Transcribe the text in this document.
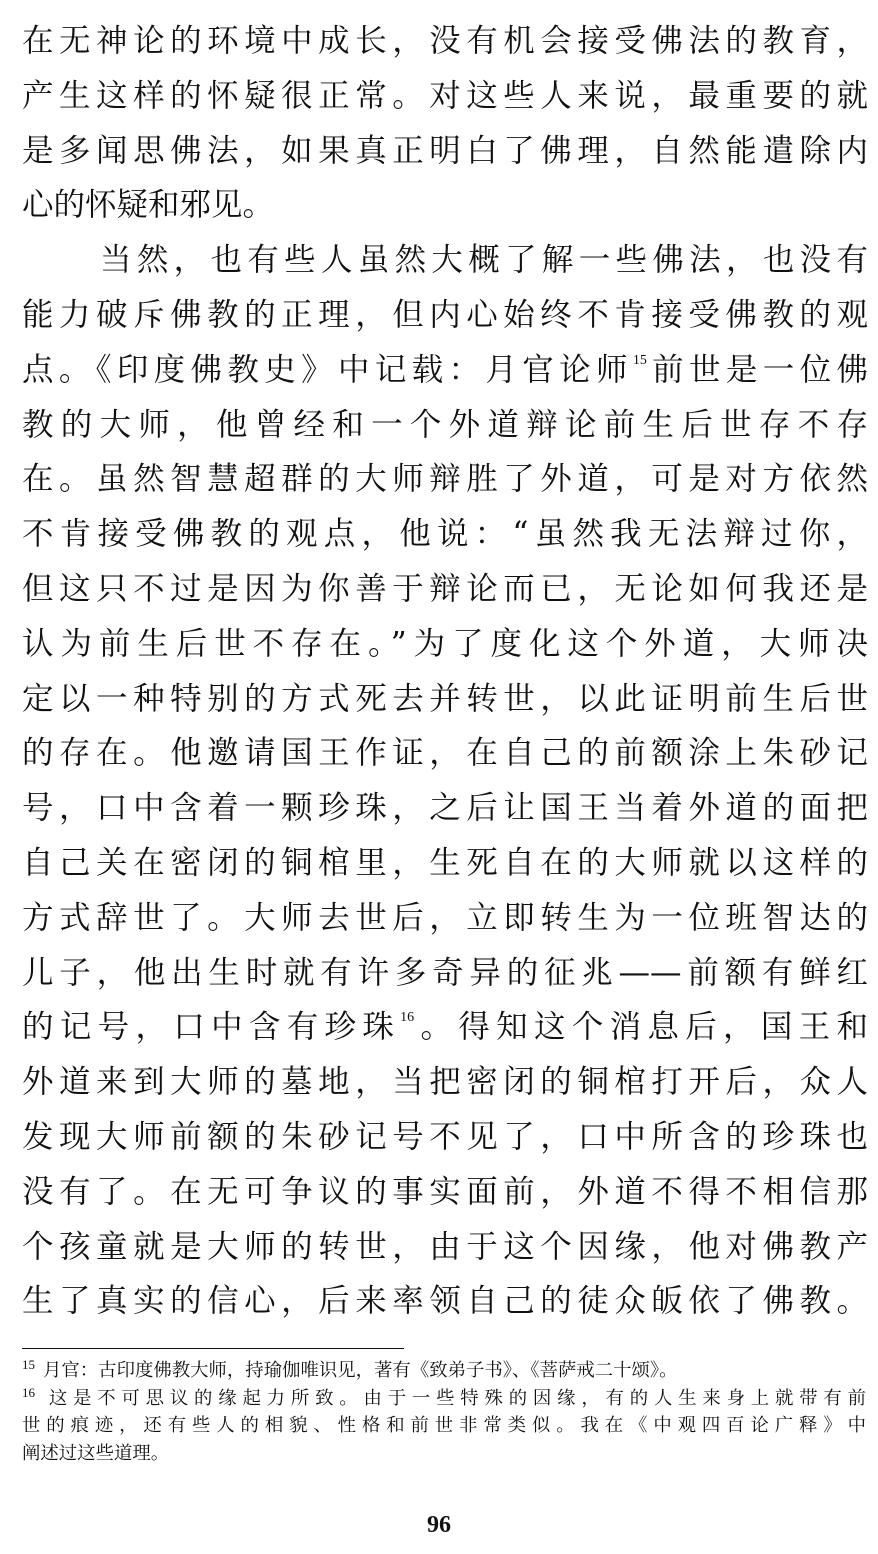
在无神论的环境中成长，没有机会接受佛法的教育，
产生这样的怀疑很正常。对这些人来说，最重要的就
是多闻思佛法，如果真正明白了佛理，自然能遣除内
心的怀疑和邪见。
当然，也有些人虽然大概了解一些佛法，也没有
能力破斥佛教的正理，但内心始终不肯接受佛教的观
点。《印度佛教史》中记载：月官论师$^{15}$前世是一位佛
教的大师，他曾经和一个外道辩论前生后世存不存
在。虽然智慧超群的大师辩胜了外道，可是对方依然
不肯接受佛教的观点，他说：“虽然我无法辩过你，
但这只不过是因为你善于辩论而已，无论如何我还是
认为前生后世不存在。”为了度化这个外道，大师决
定以一种特别的方式死去并转世，以此证明前生后世
的存在。他邀请国王作证，在自己的前额涂上朱砂记
号，口中含着一颗珍珠，之后让国王当着外道的面把
自己关在密闭的铜棺里，生死自在的大师就以这样的
方式辞世了。大师去世后，立即转生为一位班智达的
儿子，他出生时就有许多奇异的征兆——前额有鲜红
的记号，口中含有珍珠$^{16}$。得知这个消息后，国王和
外道来到大师的墓地，当把密闭的铜棺打开后，众人
发现大师前额的朱砂记号不见了，口中所含的珍珠也
没有了。在无可争议的事实面前，外道不得不相信那
个孩童就是大师的转世，由于这个因缘，他对佛教产
生了真实的信心，后来率领自己的徒众皈依了佛教。
$^{15}$ 月官：古印度佛教大师，持瑜伽唯识见，著有《致弟子书》、《菩萨戒二十颂》。
$^{16}$ 这是不可思议的缘起力所致。由于一些特殊的因缘，有的人生来身上就带有前
世的痕迹，还有些人的相貌、性格和前世非常类似。我在《中观四百论广释》中
阐述过这些道理。
96
